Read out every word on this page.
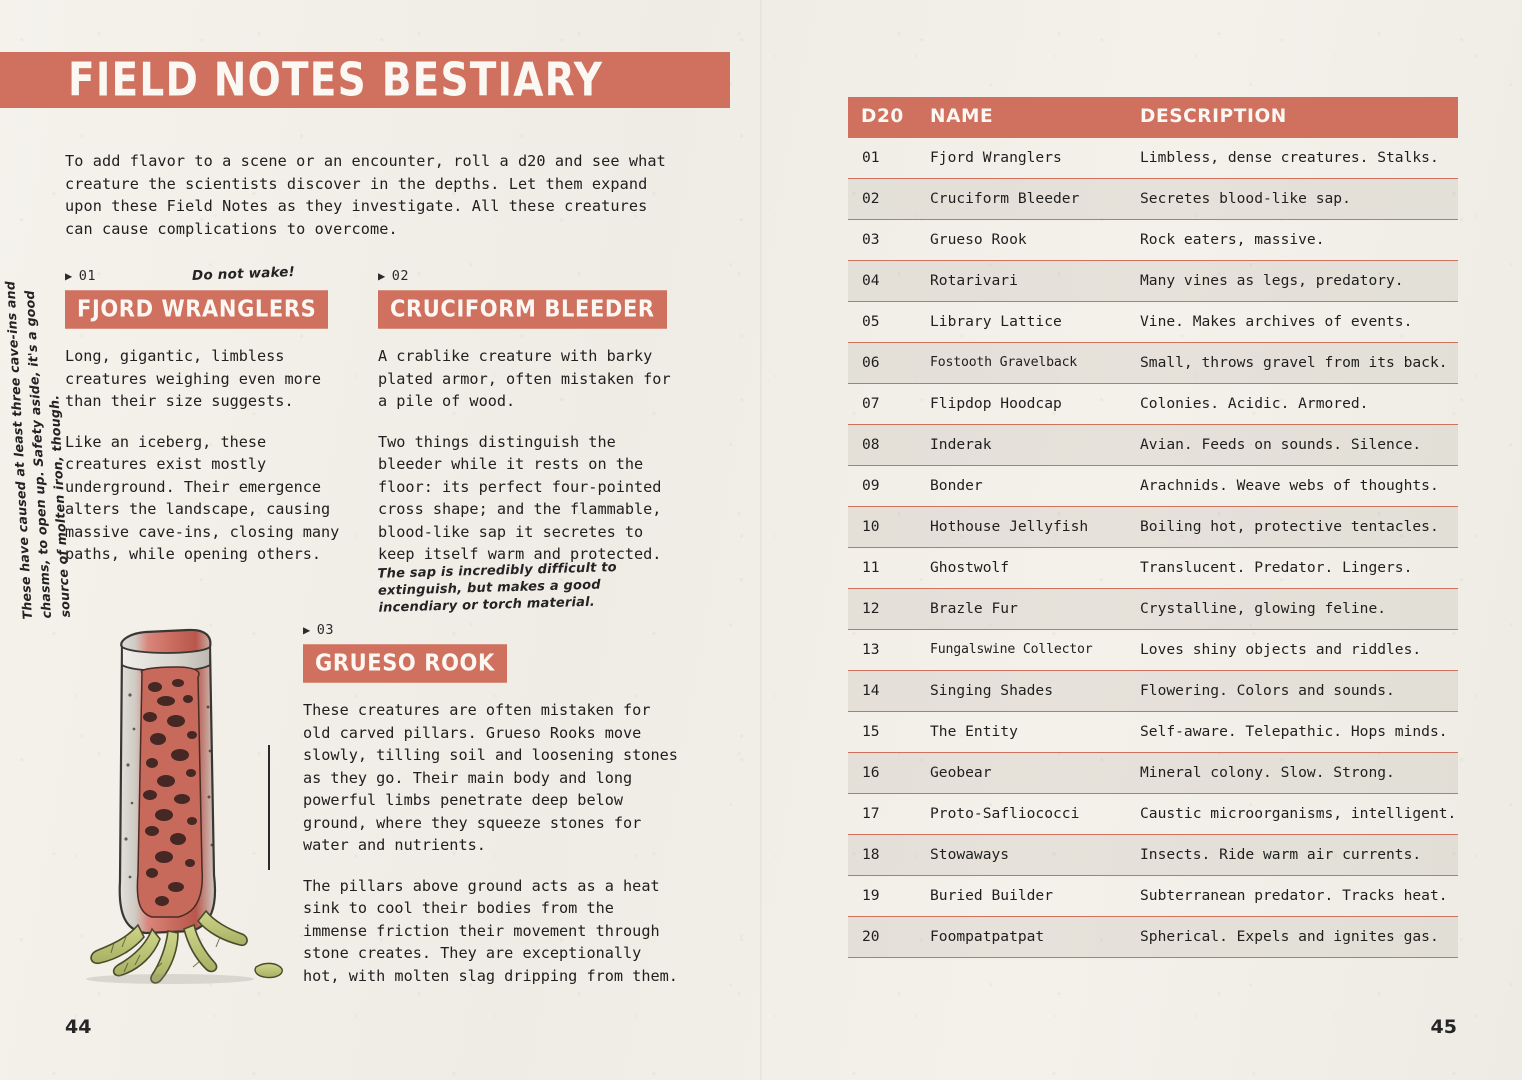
FIELD NOTES BESTIARY
To add flavor to a scene or an encounter, roll a d20 and see what creature the scientists discover in the depths. Let them expand upon these Field Notes as they investigate. All these creatures can cause complications to overcome.
▶ 01
FJORD WRANGLERS

Long, gigantic, limbless creatures weighing even more than their size suggests.

Like an iceberg, these creatures exist mostly underground. Their emergence alters the landscape, causing massive cave-ins, closing many paths, while opening others.

▶ 02
CRUCIFORM BLEEDER

A crablike creature with barky plated armor, often mistaken for a pile of wood.

Two things distinguish the bleeder while it rests on the floor: its perfect four-pointed cross shape; and the flammable, blood-like sap it secretes to keep itself warm and protected.

Do not wake!
The sap is incredibly difficult to extinguish, but makes a good incendiary or torch material.
These have caused at least three cave-ins and chasms, to open up. Safety aside, it's a good source of molten iron, though.
▶ 03
GRUESO ROOK

These creatures are often mistaken for old carved pillars. Grueso Rooks move slowly, tilling soil and loosening stones as they go. Their main body and long powerful limbs penetrate deep below ground, where they squeeze stones for water and nutrients.

The pillars above ground acts as a heat sink to cool their bodies from the immense friction their movement through stone creates. They are exceptionally hot, with molten slag dripping from them.

44
D20	NAME	DESCRIPTION
01	Fjord Wranglers	Limbless, dense creatures. Stalks.
02	Cruciform Bleeder	Secretes blood-like sap.
03	Grueso Rook	Rock eaters, massive.
04	Rotarivari	Many vines as legs, predatory.
05	Library Lattice	Vine. Makes archives of events.
06	Fostooth Gravelback	Small, throws gravel from its back.
07	Flipdop Hoodcap	Colonies. Acidic. Armored.
08	Inderak	Avian. Feeds on sounds. Silence.
09	Bonder	Arachnids. Weave webs of thoughts.
10	Hothouse Jellyfish	Boiling hot, protective tentacles.
11	Ghostwolf	Translucent. Predator. Lingers.
12	Brazle Fur	Crystalline, glowing feline.
13	Fungalswine Collector	Loves shiny objects and riddles.
14	Singing Shades	Flowering. Colors and sounds.
15	The Entity	Self-aware. Telepathic. Hops minds.
16	Geobear	Mineral colony. Slow. Strong.
17	Proto-Safliococci	Caustic microorganisms, intelligent.
18	Stowaways	Insects. Ride warm air currents.
19	Buried Builder	Subterranean predator. Tracks heat.
20	Foompatpatpat	Spherical. Expels and ignites gas.
45
